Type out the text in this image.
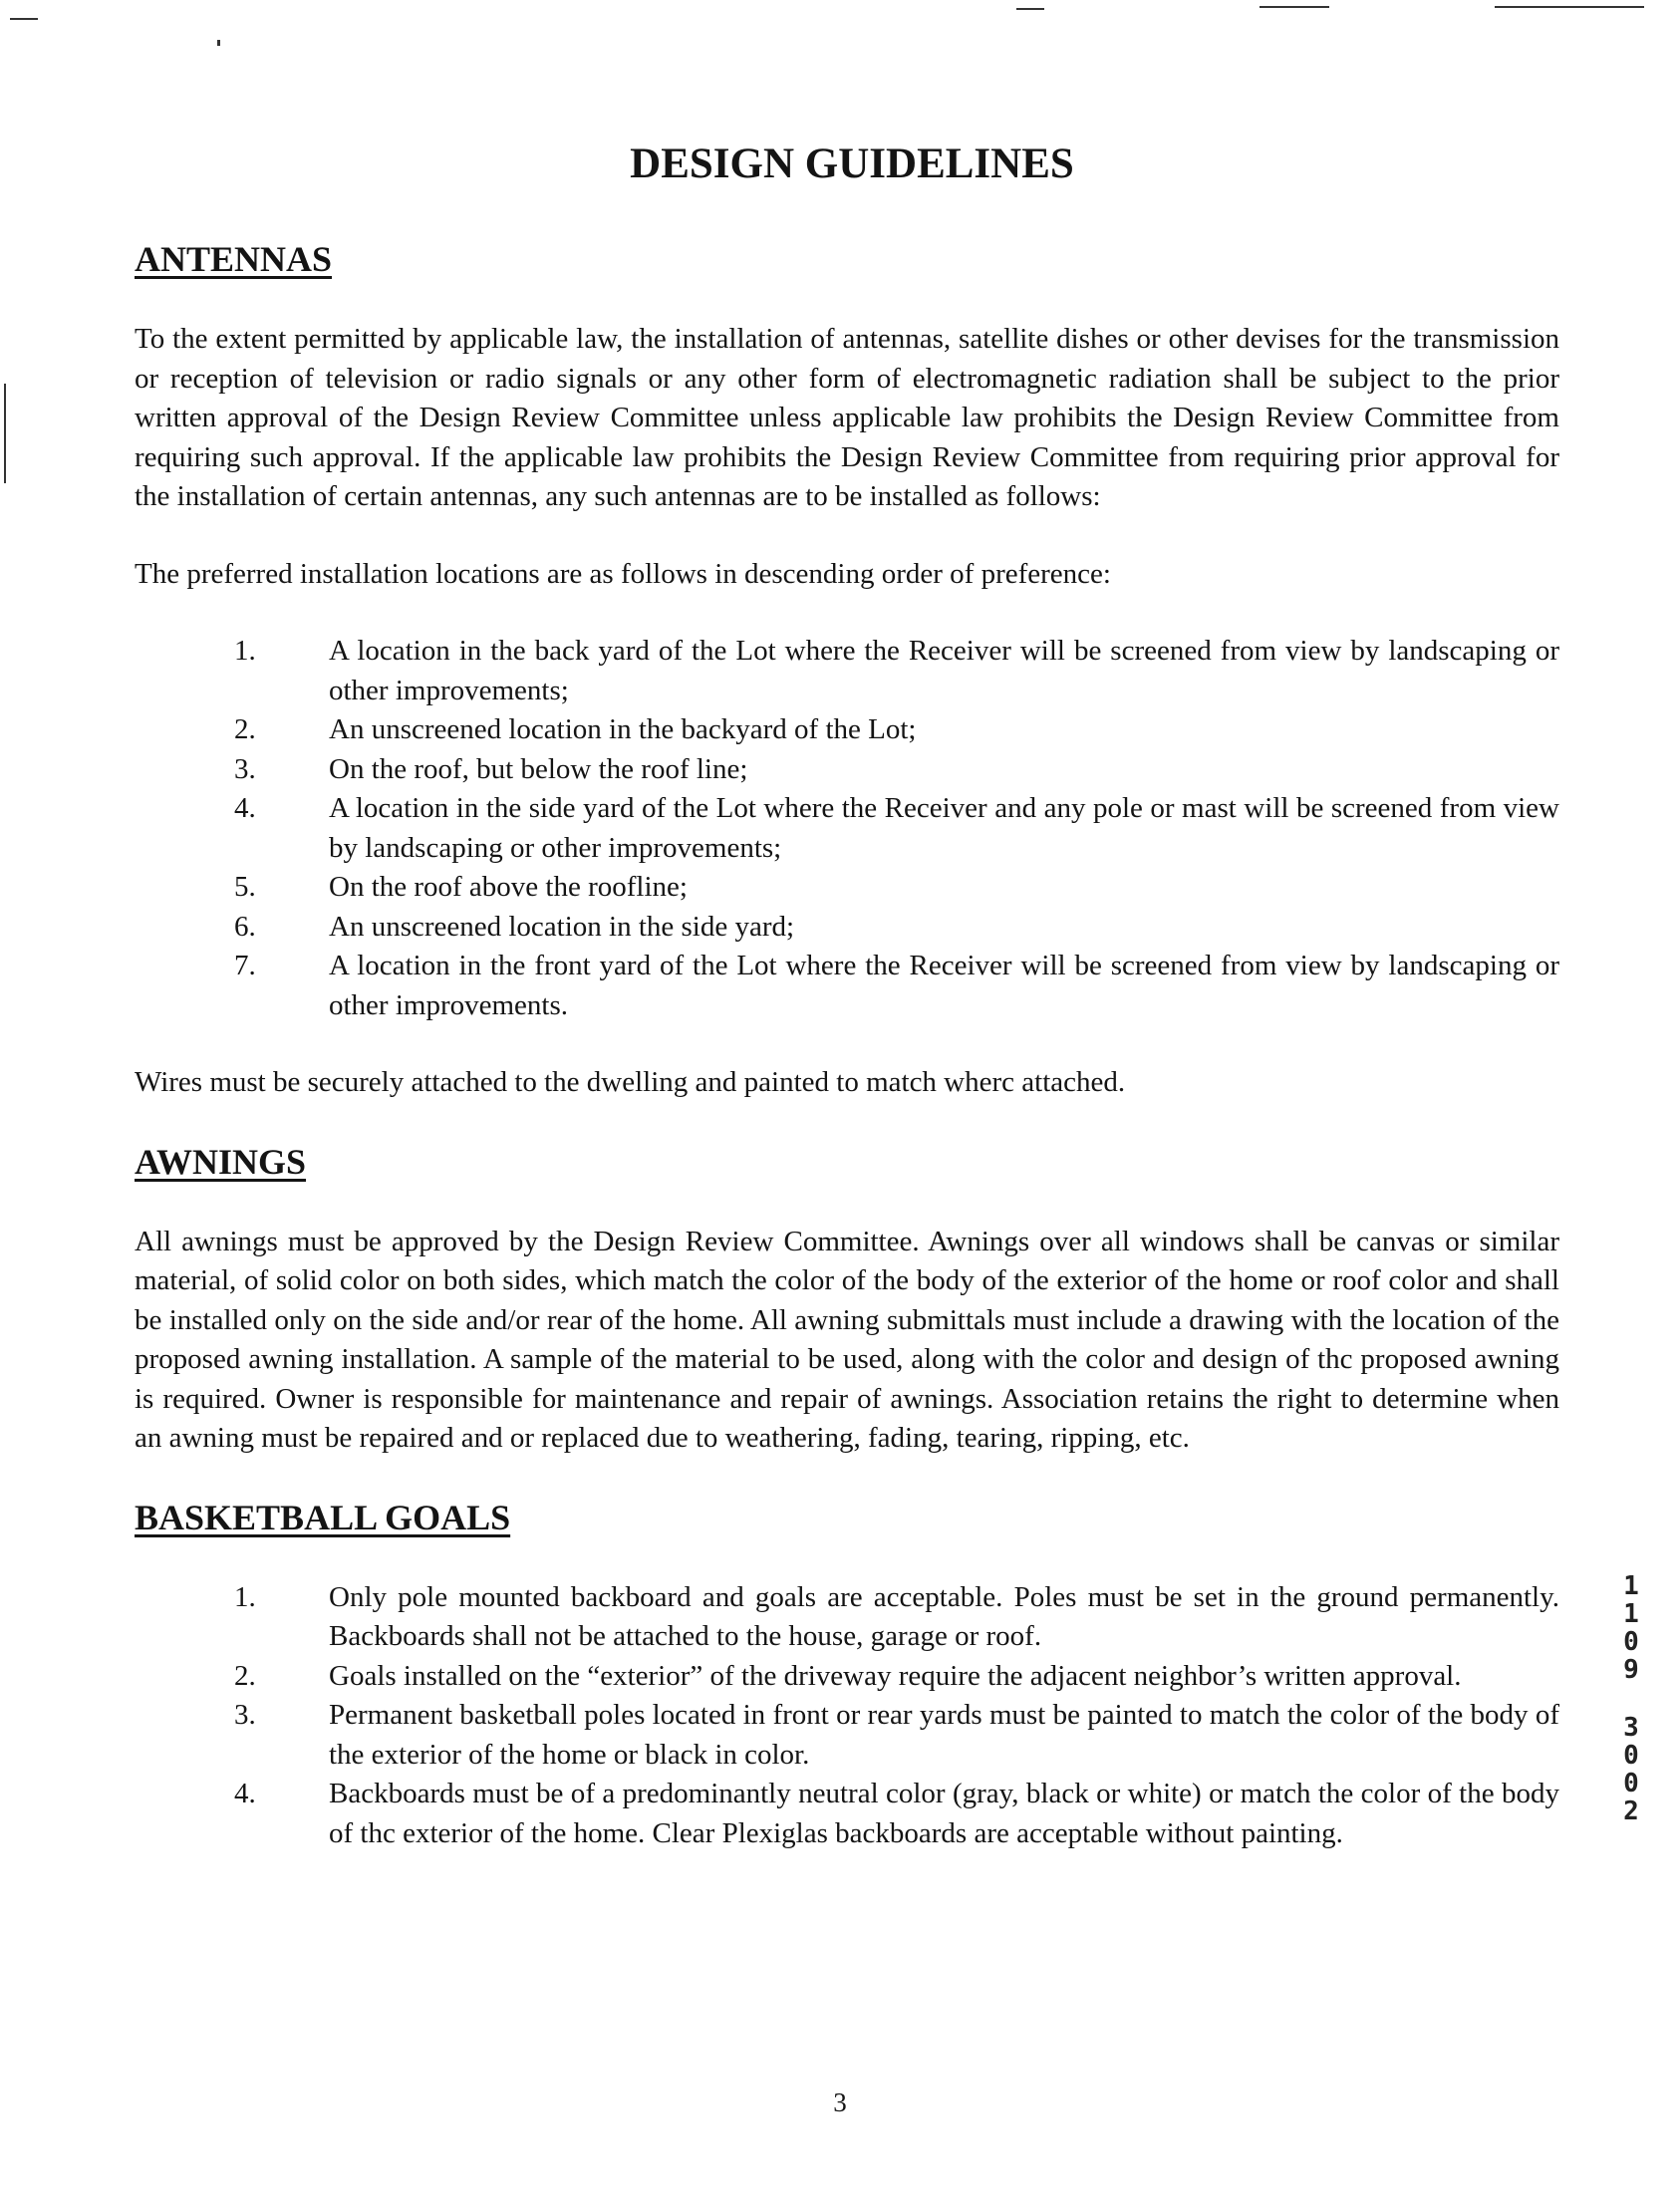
DESIGN GUIDELINES
ANTENNAS

To the extent permitted by applicable law, the installation of antennas, satellite dishes or other devises for the transmission or reception of television or radio signals or any other form of electromagnetic radiation shall be subject to the prior written approval of the Design Review Committee unless applicable law prohibits the Design Review Committee from requiring such approval. If the applicable law prohibits the Design Review Committee from requiring prior approval for the installation of certain antennas, any such antennas are to be installed as follows:

The preferred installation locations are as follows in descending order of preference:

1.	A location in the back yard of the Lot where the Receiver will be screened from view by landscaping or other improvements;
2.	An unscreened location in the backyard of the Lot;
3.	On the roof, but below the roof line;
4.	A location in the side yard of the Lot where the Receiver and any pole or mast will be screened from view by landscaping or other improvements;
5.	On the roof above the roofline;
6.	An unscreened location in the side yard;
7.	A location in the front yard of the Lot where the Receiver will be screened from view by landscaping or other improvements.

Wires must be securely attached to the dwelling and painted to match wherc attached.

AWNINGS

All awnings must be approved by the Design Review Committee. Awnings over all windows shall be canvas or similar material, of solid color on both sides, which match the color of the body of the exterior of the home or roof color and shall be installed only on the side and/or rear of the home. All awning submittals must include a drawing with the location of the proposed awning installation. A sample of the material to be used, along with the color and design of thc proposed awning is required. Owner is responsible for maintenance and repair of awnings. Association retains the right to determine when an awning must be repaired and or replaced due to weathering, fading, tearing, ripping, etc.

BASKETBALL GOALS
1.	Only pole mounted backboard and goals are acceptable. Poles must be set in the ground permanently. Backboards shall not be attached to the house, garage or roof.
2.	Goals installed on the “exterior” of the driveway require the adjacent neighbor’s written approval.
3.	Permanent basketball poles located in front or rear yards must be painted to match the color of the body of the exterior of the home or black in color.
4.	Backboards must be of a predominantly neutral color (gray, black or white) or match the color of the body of thc exterior of the home. Clear Plexiglas backboards are acceptable without painting.
1
1
0
9
3
0
0
2
3
